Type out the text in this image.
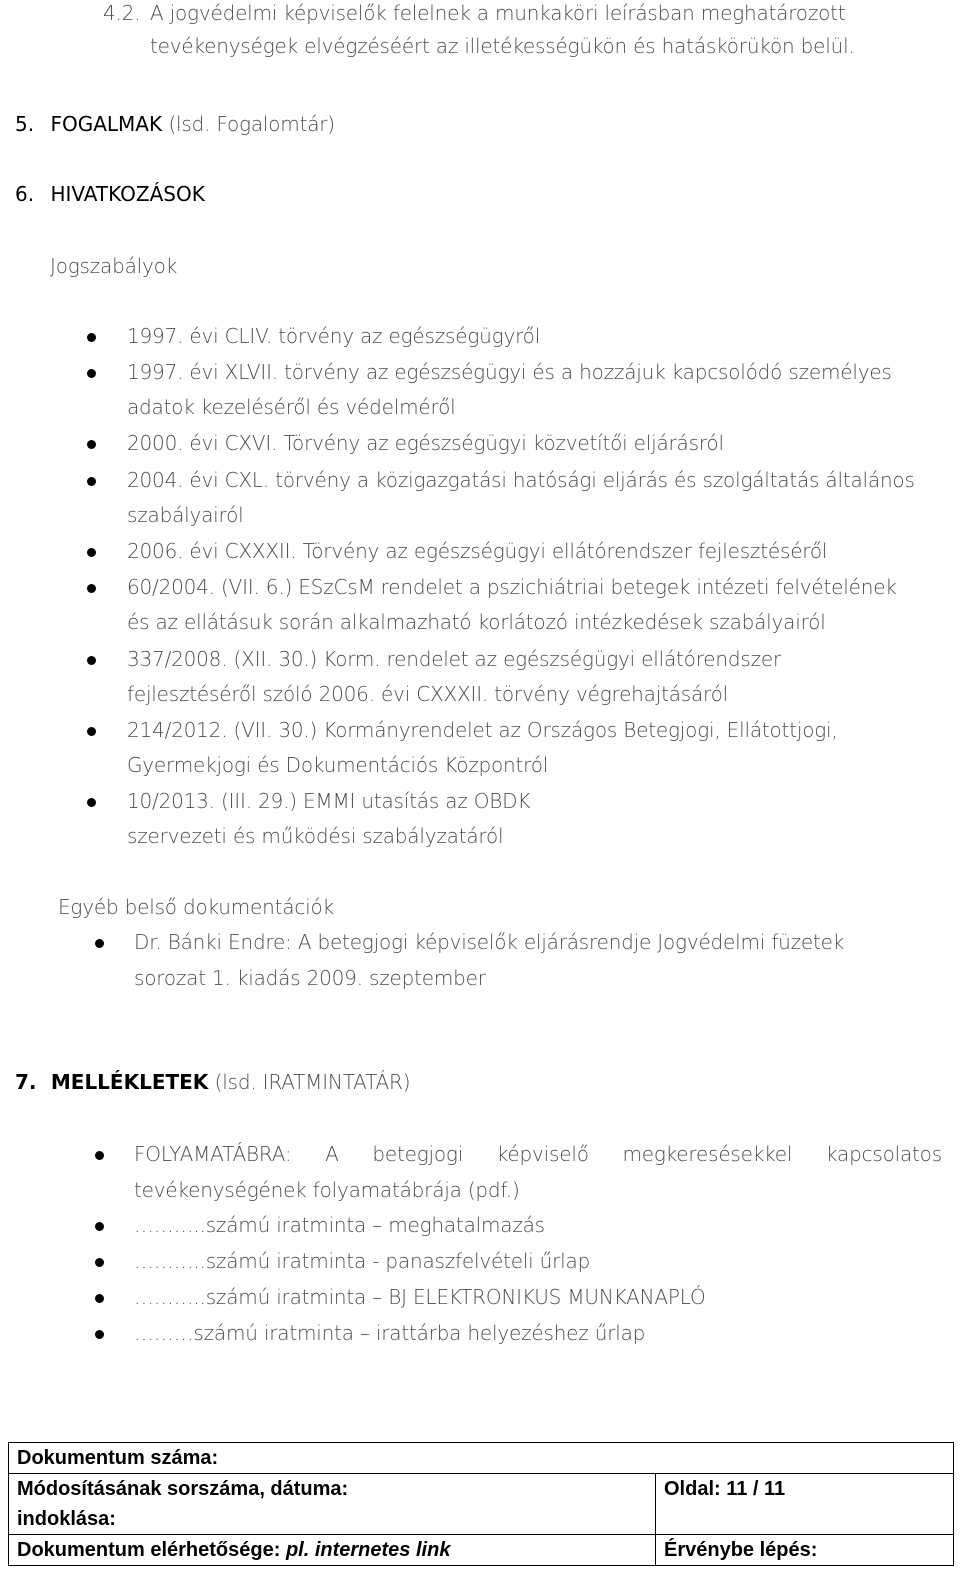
4.2. A jogvédelmi képviselők felelnek a munkaköri leírásban meghatározott
tevékenységek elvégzéséért az illetékességükön és hatáskörükön belül.
5. FOGALMAK (lsd. Fogalomtár)
6. HIVATKOZÁSOK
Jogszabályok
1997. évi CLIV. törvény az egészségügyről
1997. évi XLVII. törvény az egészségügyi és a hozzájuk kapcsolódó személyes
adatok kezeléséről és védelméről
2000. évi CXVI. Törvény az egészségügyi közvetítői eljárásról
2004. évi CXL. törvény a közigazgatási hatósági eljárás és szolgáltatás általános
szabályairól
2006. évi CXXXII. Törvény az egészségügyi ellátórendszer fejlesztéséről
60/2004. (VII. 6.) ESzCsM rendelet a pszichiátriai betegek intézeti felvételének
és az ellátásuk során alkalmazható korlátozó intézkedések szabályairól
337/2008. (XII. 30.) Korm. rendelet az egészségügyi ellátórendszer
fejlesztéséről szóló 2006. évi CXXXII. törvény végrehajtásáról
214/2012. (VII. 30.) Kormányrendelet az Országos Betegjogi, Ellátottjogi,
Gyermekjogi és Dokumentációs Központról
10/2013. (III. 29.) EMMI utasítás az OBDK
szervezeti és működési szabályzatáról
Egyéb belső dokumentációk
Dr. Bánki Endre: A betegjogi képviselők eljárásrendje Jogvédelmi füzetek
sorozat 1. kiadás 2009. szeptember
7. MELLÉKLETEK (lsd. IRATMINTATÁR)
FOLYAMATÁBRA: A betegjogi képviselő megkeresésekkel kapcsolatos
tevékenységének folyamatábrája (pdf.)
………..számú iratminta – meghatalmazás
………..számú iratminta - panaszfelvételi űrlap
………..számú iratminta – BJ ELEKTRONIKUS MUNKANAPLÓ
………számú iratminta – irattárba helyezéshez űrlap
Dokumentum száma:	

Módosításának sorszáma, dátuma:
indoklása:	Oldal: 11 / 11

Dokumentum elérhetősége: pl. internetes link	Érvénybe lépés:
